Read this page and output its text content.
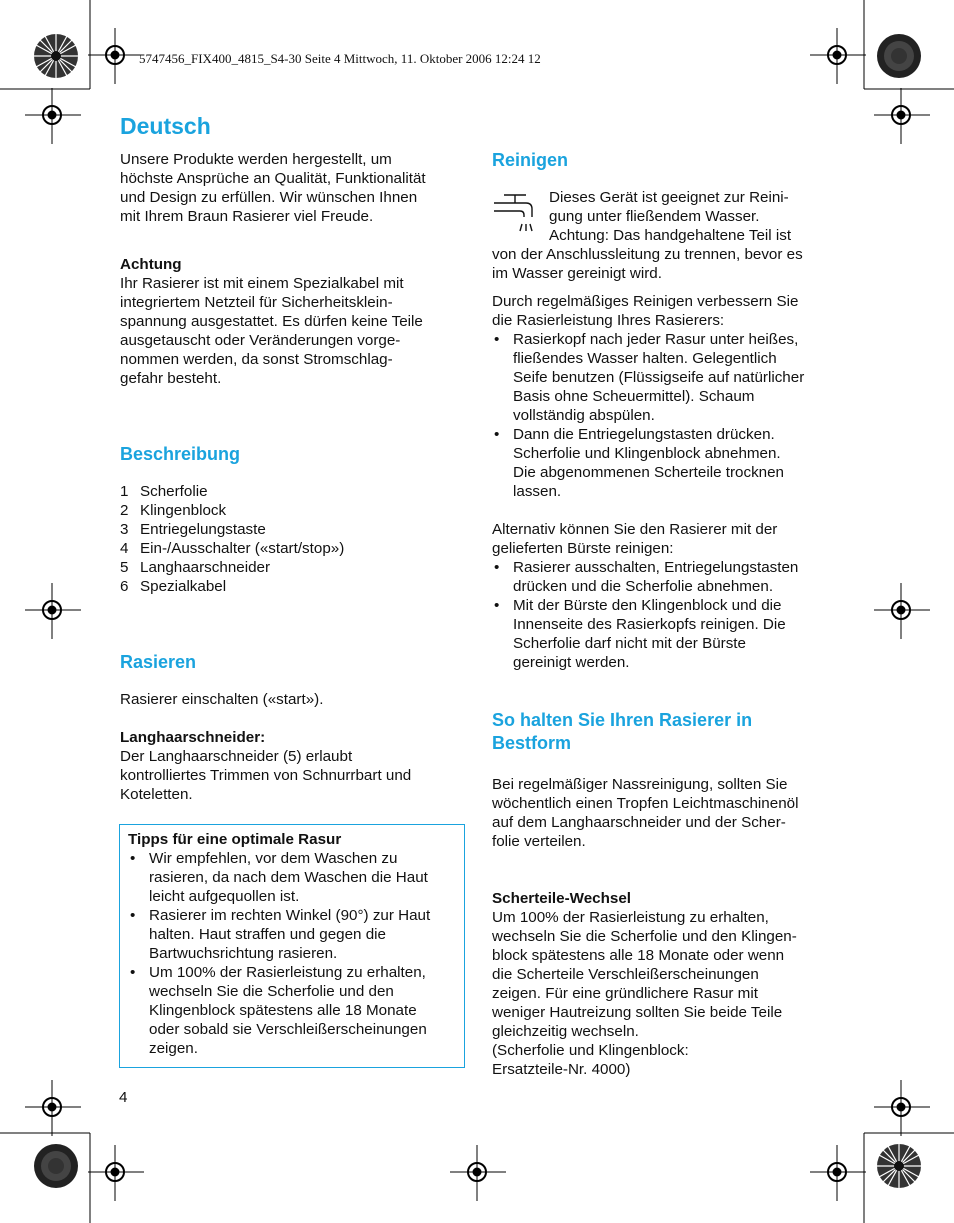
5747456_FIX400_4815_S4-30 Seite 4 Mittwoch, 11. Oktober 2006 12:24 12
Deutsch
Unsere Produkte werden hergestellt, um
höchste Ansprüche an Qualität, Funktionalität
und Design zu erfüllen. Wir wünschen Ihnen
mit Ihrem Braun Rasierer viel Freude.
Achtung
Ihr Rasierer ist mit einem Spezialkabel mit
integriertem Netzteil für Sicherheitsklein-
spannung ausgestattet. Es dürfen keine Teile
ausgetauscht oder Veränderungen vorge-
nommen werden, da sonst Stromschlag-
gefahr besteht.
Beschreibung
1 Scherfolie
2 Klingenblock
3 Entriegelungstaste
4 Ein-/Ausschalter («start/stop»)
5 Langhaarschneider
6 Spezialkabel
Rasieren
Rasierer einschalten («start»).
Langhaarschneider:
Der Langhaarschneider (5) erlaubt
kontrolliertes Trimmen von Schnurrbart und
Koteletten.
Tipps für eine optimale Rasur
• Wir empfehlen, vor dem Waschen zu
rasieren, da nach dem Waschen die Haut
leicht aufgequollen ist.
• Rasierer im rechten Winkel (90°) zur Haut
halten. Haut straffen und gegen die
Bartwuchsrichtung rasieren.
• Um 100% der Rasierleistung zu erhalten,
wechseln Sie die Scherfolie und den
Klingenblock spätestens alle 18 Monate
oder sobald sie Verschleißerscheinungen
zeigen.
4
Reinigen
Dieses Gerät ist geeignet zur Reini-
gung unter fließendem Wasser.
Achtung: Das handgehaltene Teil ist
von der Anschlussleitung zu trennen, bevor es
im Wasser gereinigt wird.
Durch regelmäßiges Reinigen verbessern Sie
die Rasierleistung Ihres Rasierers:
• Rasierkopf nach jeder Rasur unter heißes,
fließendes Wasser halten. Gelegentlich
Seife benutzen (Flüssigseife auf natürlicher
Basis ohne Scheuermittel). Schaum
vollständig abspülen.
• Dann die Entriegelungstasten drücken.
Scherfolie und Klingenblock abnehmen.
Die abgenommenen Scherteile trocknen
lassen.
Alternativ können Sie den Rasierer mit der
gelieferten Bürste reinigen:
• Rasierer ausschalten, Entriegelungstasten
drücken und die Scherfolie abnehmen.
• Mit der Bürste den Klingenblock und die
Innenseite des Rasierkopfs reinigen. Die
Scherfolie darf nicht mit der Bürste
gereinigt werden.
So halten Sie Ihren Rasierer in
Bestform
Bei regelmäßiger Nassreinigung, sollten Sie
wöchentlich einen Tropfen Leichtmaschinenöl
auf dem Langhaarschneider und der Scher-
folie verteilen.
Scherteile-Wechsel
Um 100% der Rasierleistung zu erhalten,
wechseln Sie die Scherfolie und den Klingen-
block spätestens alle 18 Monate oder wenn
die Scherteile Verschleißerscheinungen
zeigen. Für eine gründlichere Rasur mit
weniger Hautreizung sollten Sie beide Teile
gleichzeitig wechseln.
(Scherfolie und Klingenblock:
Ersatzteile-Nr. 4000)
